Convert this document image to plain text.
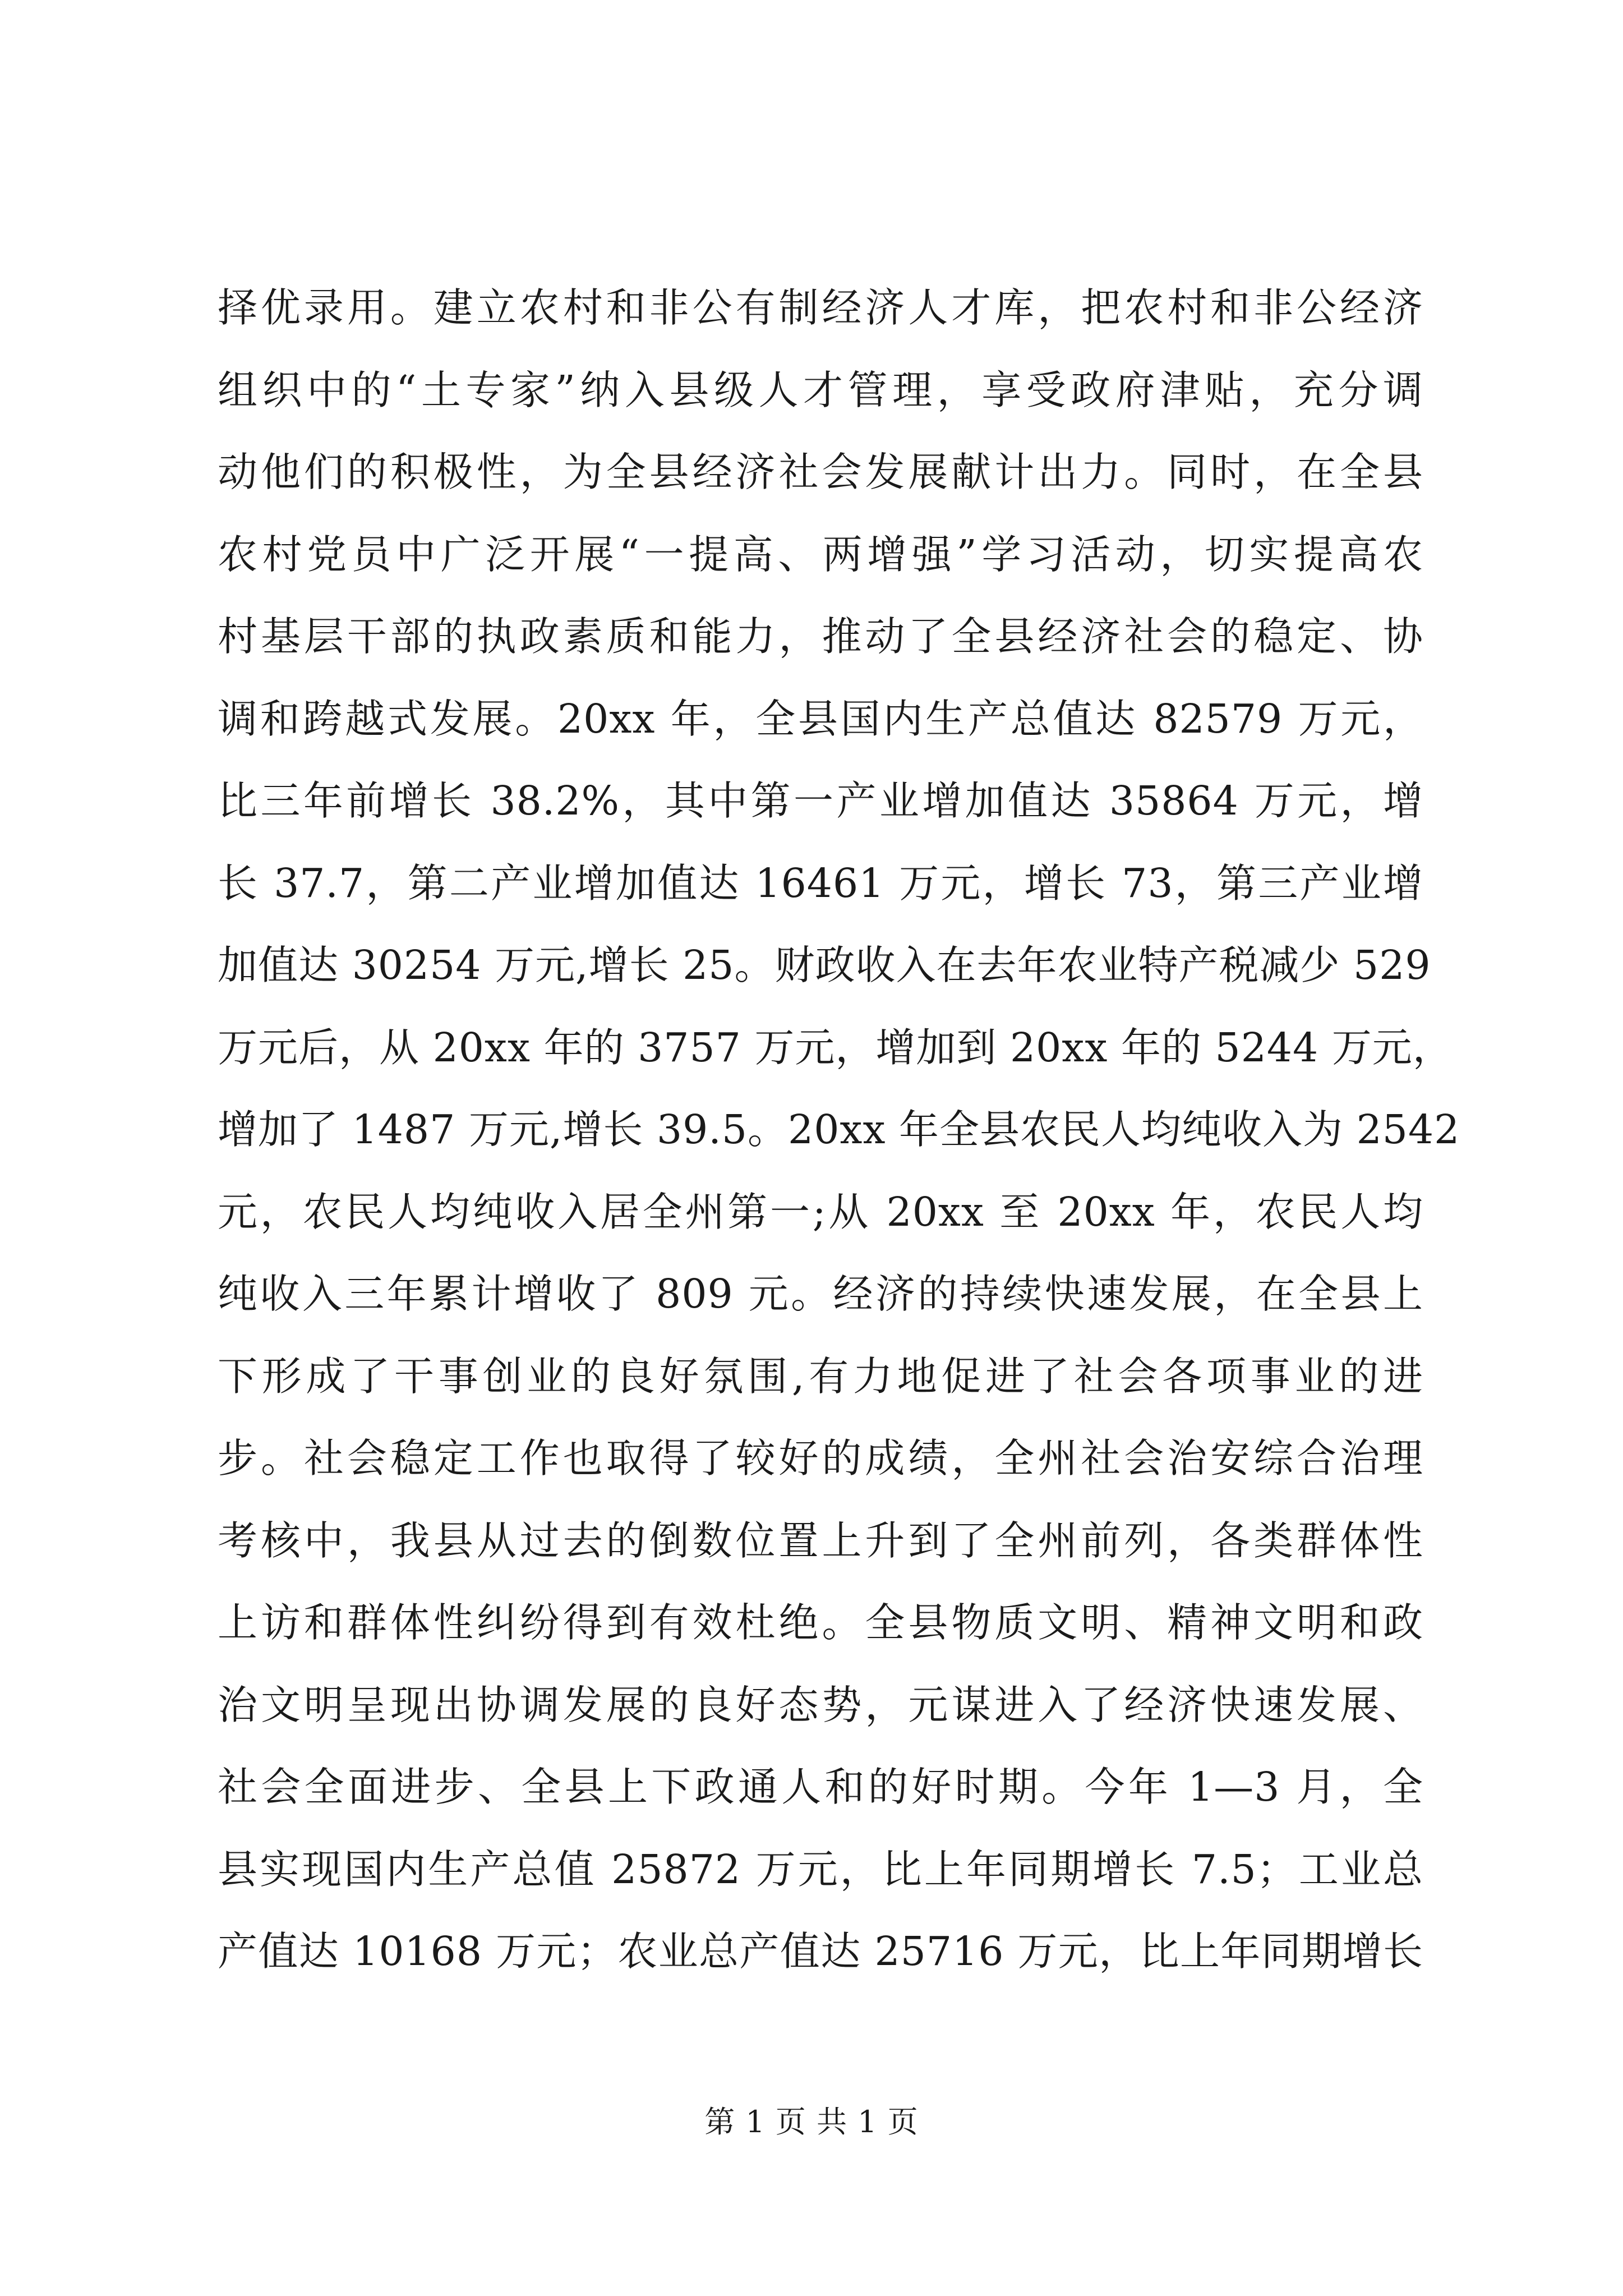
择优录用。建立农村和非公有制经济人才库，把农村和非公经济
组织中的“土专家”纳入县级人才管理，享受政府津贴，充分调
动他们的积极性，为全县经济社会发展献计出力。同时，在全县
农村党员中广泛开展“一提高、两增强”学习活动，切实提高农
村基层干部的执政素质和能力，推动了全县经济社会的稳定、协
调和跨越式发展。20xx 年，全县国内生产总值达 82579 万元，
比三年前增长 38.2%，其中第一产业增加值达 35864 万元，增
长 37.7，第二产业增加值达 16461 万元，增长 73，第三产业增
加值达 30254 万元,增长 25。财政收入在去年农业特产税减少 529
万元后，从 20xx 年的 3757 万元，增加到 20xx 年的 5244 万元，
增加了 1487 万元,增长 39.5。20xx 年全县农民人均纯收入为 2542
元，农民人均纯收入居全州第一;从 20xx 至 20xx 年，农民人均
纯收入三年累计增收了 809 元。经济的持续快速发展，在全县上
下形成了干事创业的良好氛围,有力地促进了社会各项事业的进
步。社会稳定工作也取得了较好的成绩，全州社会治安综合治理
考核中，我县从过去的倒数位置上升到了全州前列，各类群体性
上访和群体性纠纷得到有效杜绝。全县物质文明、精神文明和政
治文明呈现出协调发展的良好态势，元谋进入了经济快速发展、
社会全面进步、全县上下政通人和的好时期。今年 1—3 月，全
县实现国内生产总值 25872 万元，比上年同期增长 7.5；工业总
产值达 10168 万元；农业总产值达 25716 万元，比上年同期增长
第 1 页 共 1 页
